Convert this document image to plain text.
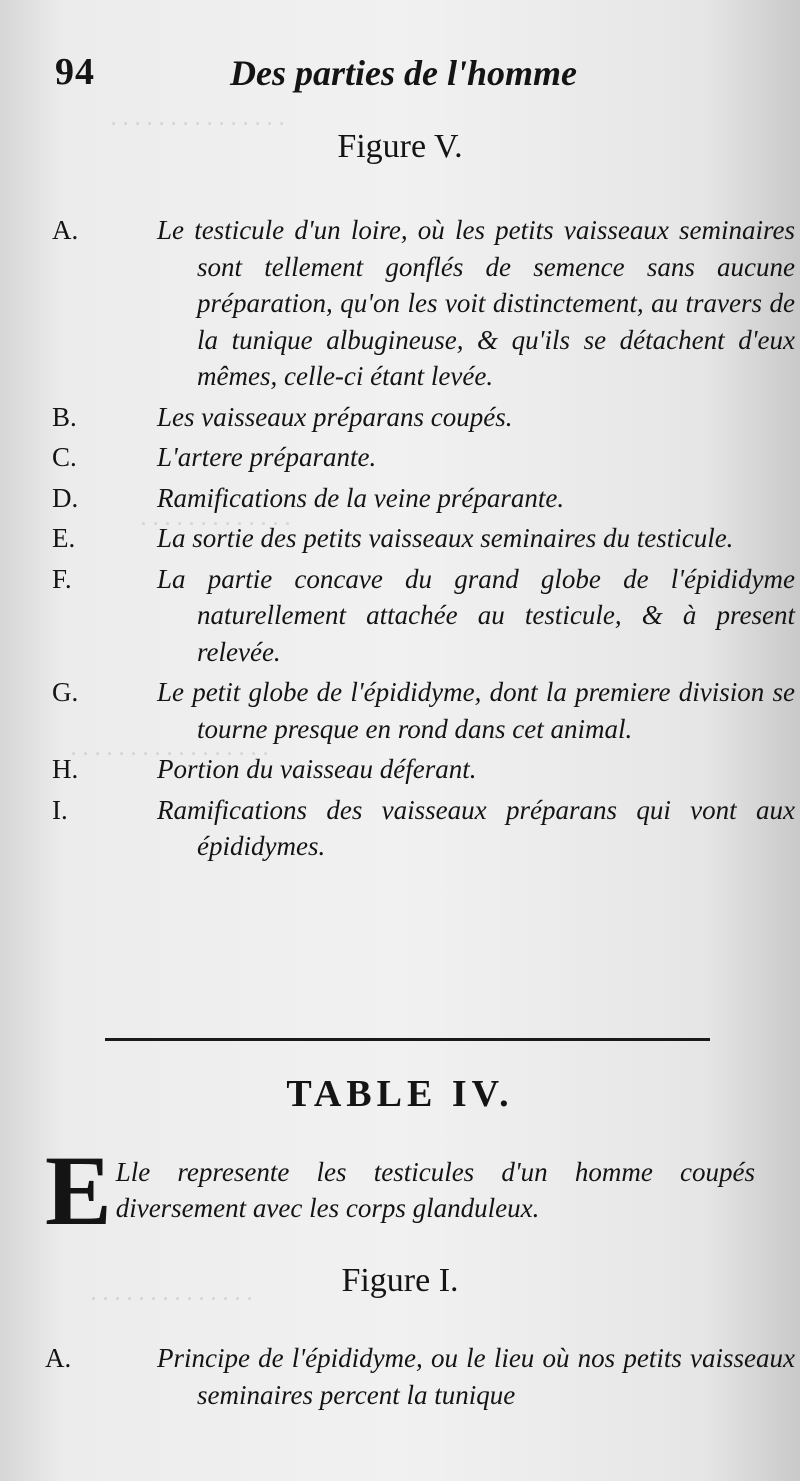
. . . . . . . . . . . . . . .
. . . . . . . . . . . . .
. . . . . . . . . . . . . . . . .
. . . . . . . . . . . . . .
94	Des parties de l'homme
Figure V.
A.	Le testicule d'un loire, où les petits vaisseaux seminaires sont tellement gonflés de semence sans aucune préparation, qu'on les voit distinctement, au travers de la tunique albugineuse, & qu'ils se détachent d'eux mêmes, celle-ci étant levée.
B.	Les vaisseaux préparans coupés.
C.	L'artere préparante.
D.	Ramifications de la veine préparante.
E.	La sortie des petits vaisseaux seminaires du testicule.
F.	La partie concave du grand globe de l'épididyme naturellement attachée au testicule, & à present relevée.
G.	Le petit globe de l'épididyme, dont la premiere division se tourne presque en rond dans cet animal.
H.	Portion du vaisseau déferant.
I.	Ramifications des vaisseaux préparans qui vont aux épididymes.
TABLE IV.
E Lle represente les testicules d'un homme coupés diversement avec les corps glanduleux.
Figure I.
A.	Principe de l'épididyme, ou le lieu où nos petits vaisseaux seminaires percent la tunique
